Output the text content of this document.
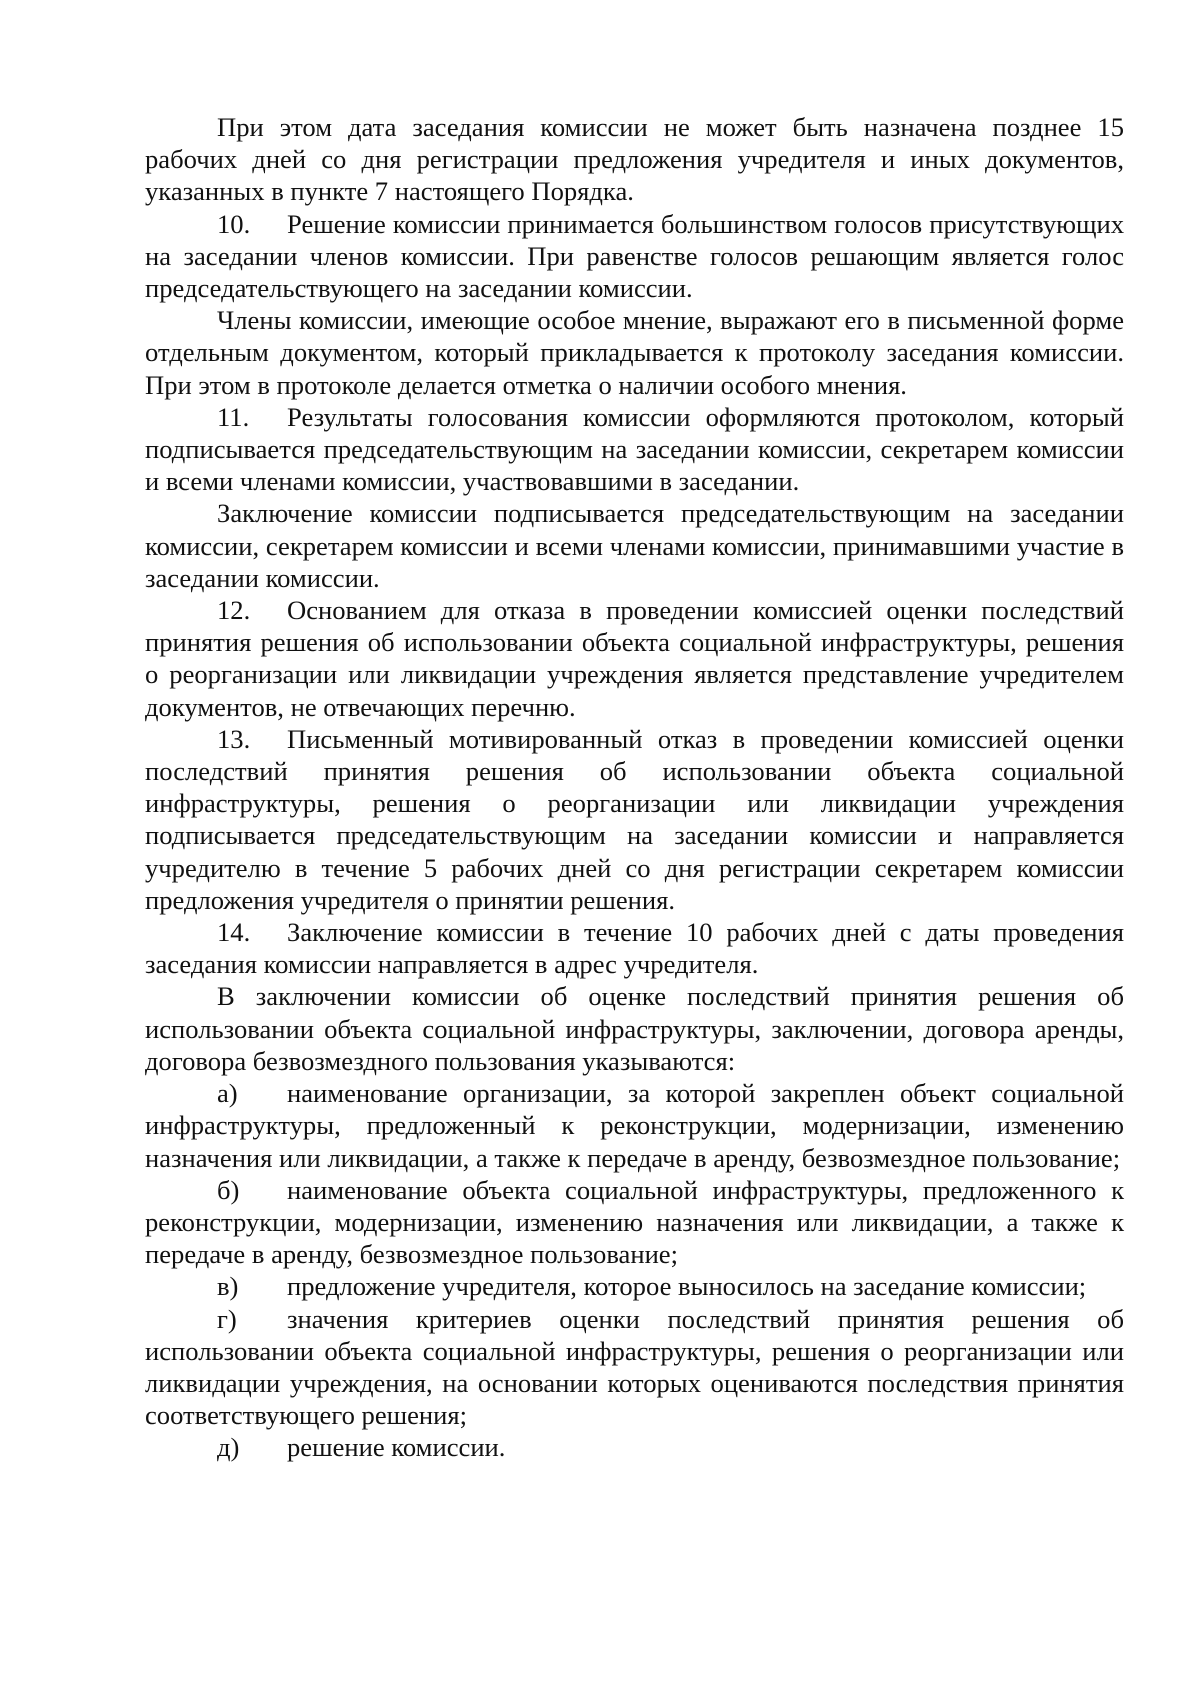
При этом дата заседания комиссии не может быть назначена позднее 15 рабочих дней со дня регистрации предложения учредителя и иных документов, указанных в пункте 7 настоящего Порядка.

10. Решение комиссии принимается большинством голосов присутствующих на заседании членов комиссии. При равенстве голосов решающим является голос председательствующего на заседании комиссии.

Члены комиссии, имеющие особое мнение, выражают его в письменной форме отдельным документом, который прикладывается к протоколу заседания комиссии. При этом в протоколе делается отметка о наличии особого мнения.

11. Результаты голосования комиссии оформляются протоколом, который подписывается председательствующим на заседании комиссии, секретарем комиссии и всеми членами комиссии, участвовавшими в заседании.

Заключение комиссии подписывается председательствующим на заседании комиссии, секретарем комиссии и всеми членами комиссии, принимавшими участие в заседании комиссии.

12. Основанием для отказа в проведении комиссией оценки последствий принятия решения об использовании объекта социальной инфраструктуры, решения о реорганизации или ликвидации учреждения является представление учредителем документов, не отвечающих перечню.

13. Письменный мотивированный отказ в проведении комиссией оценки последствий принятия решения об использовании объекта социальной инфраструктуры, решения о реорганизации или ликвидации учреждения подписывается председательствующим на заседании комиссии и направляется учредителю в течение 5 рабочих дней со дня регистрации секретарем комиссии предложения учредителя о принятии решения.

14. Заключение комиссии в течение 10 рабочих дней с даты проведения заседания комиссии направляется в адрес учредителя.

В заключении комиссии об оценке последствий принятия решения об использовании объекта социальной инфраструктуры, заключении, договора аренды, договора безвозмездного пользования указываются:

а) наименование организации, за которой закреплен объект социальной инфраструктуры, предложенный к реконструкции, модернизации, изменению назначения или ликвидации, а также к передаче в аренду, безвозмездное пользование;

б) наименование объекта социальной инфраструктуры, предложенного к реконструкции, модернизации, изменению назначения или ликвидации, а также к передаче в аренду, безвозмездное пользование;

в) предложение учредителя, которое выносилось на заседание комиссии;

г) значения критериев оценки последствий принятия решения об использовании объекта социальной инфраструктуры, решения о реорганизации или ликвидации учреждения, на основании которых оцениваются последствия принятия соответствующего решения;

д) решение комиссии.
